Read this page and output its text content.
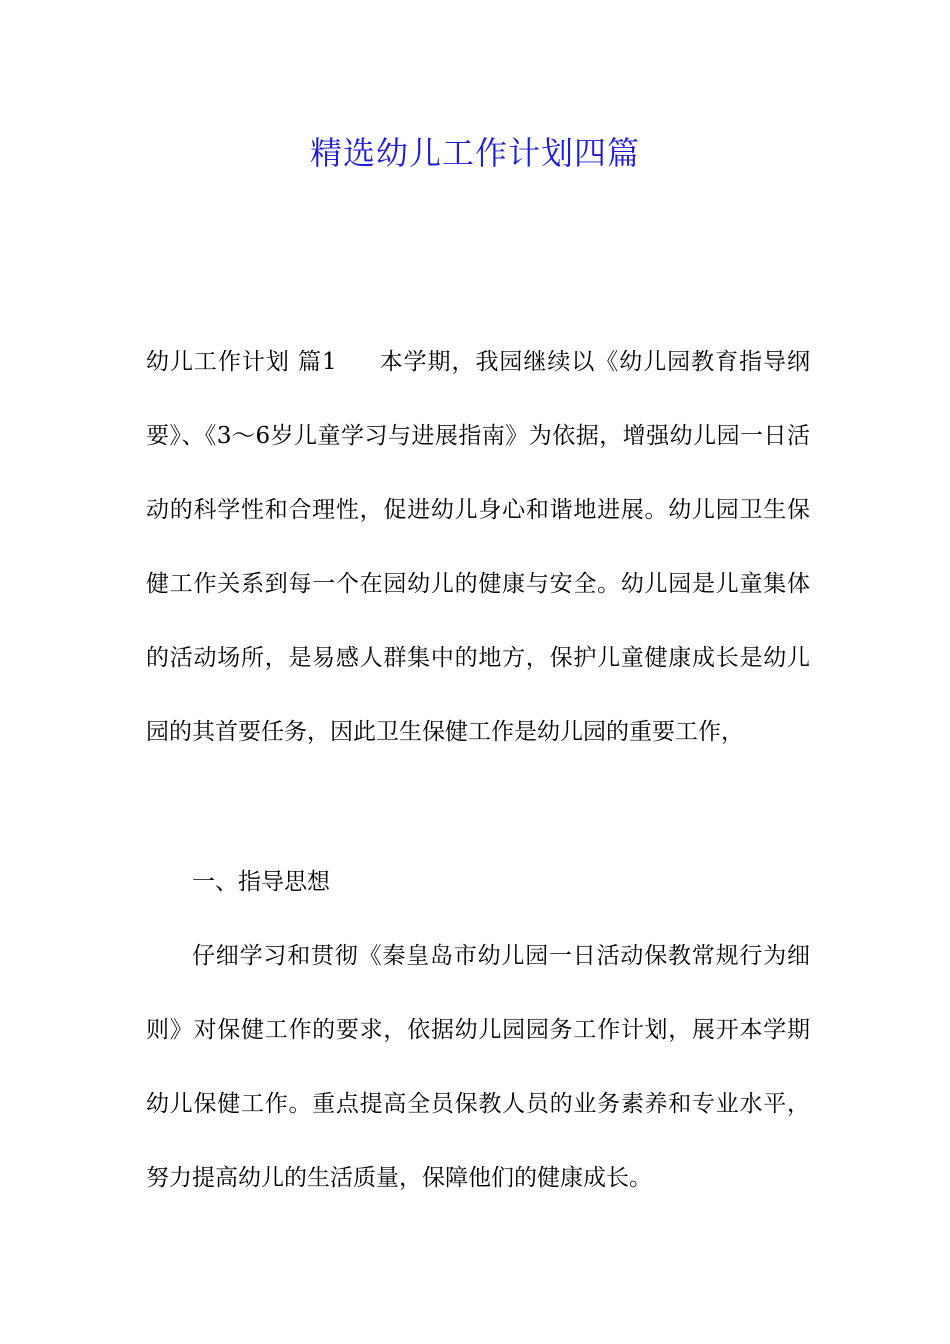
精选幼儿工作计划四篇

幼儿工作计划 篇1 本学期，我园继续以《幼儿园教育指导纲要》、《3～6岁儿童学习与进展指南》为依据，增强幼儿园一日活动的科学性和合理性，促进幼儿身心和谐地进展。幼儿园卫生保健工作关系到每一个在园幼儿的健康与安全。幼儿园是儿童集体的活动场所，是易感人群集中的地方，保护儿童健康成长是幼儿园的其首要任务，因此卫生保健工作是幼儿园的重要工作，

一、指导思想

仔细学习和贯彻《秦皇岛市幼儿园一日活动保教常规行为细则》对保健工作的要求，依据幼儿园园务工作计划，展开本学期幼儿保健工作。重点提高全员保教人员的业务素养和专业水平，努力提高幼儿的生活质量，保障他们的健康成长。
